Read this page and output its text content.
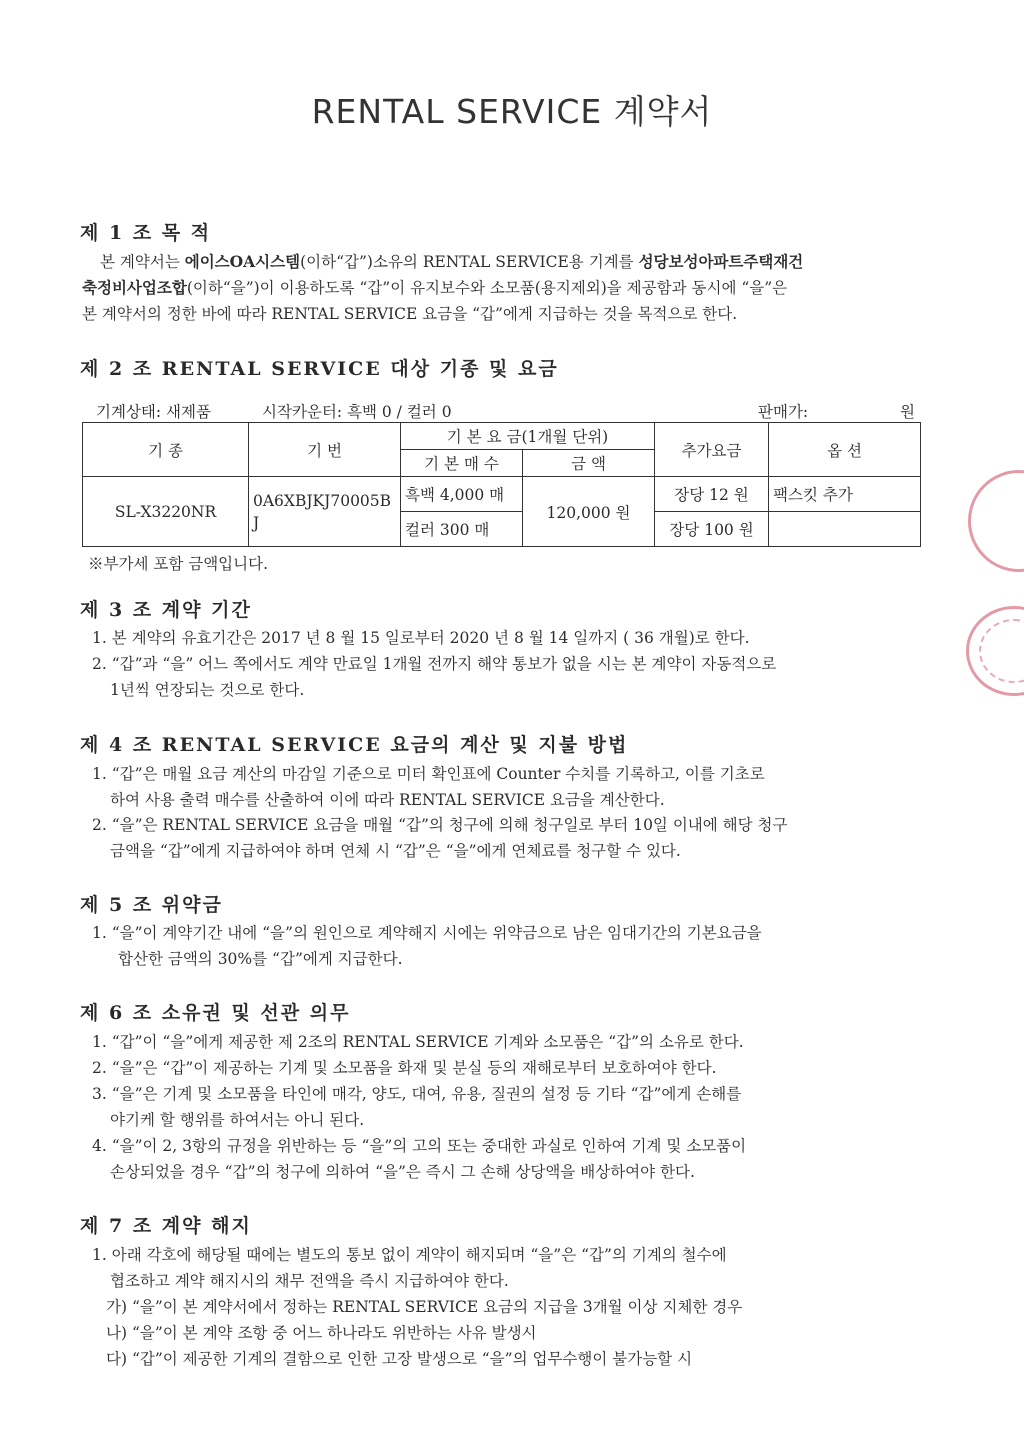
RENTAL SERVICE 계약서
제 1 조 목 적
본 계약서는 에이스OA시스템(이하“갑”)소유의 RENTAL SERVICE용 기계를 성당보성아파트주택재건
축정비사업조합(이하“을”)이 이용하도록 “갑”이 유지보수와 소모품(용지제외)을 제공함과 동시에 “을”은
본 계약서의 정한 바에 따라 RENTAL SERVICE 요금을 “갑”에게 지급하는 것을 목적으로 한다.
제 2 조 RENTAL SERVICE 대상 기종 및 요금
기계상태: 새제품	시작카운터: 흑백 0 / 컬러 0	판매가:	원
기 종	기 번	기 본 요 금(1개월 단위)		추가요금	옵 션
		기 본 매 수	금 액		
SL-X3220NR	0A6XBJKJ70005BJ	흑백 4,000 매	120,000 원	장당 12 원	팩스킷 추가
		컬러 300 매		장당 100 원	
※부가세 포함 금액입니다.
제 3 조 계약 기간
1. 본 계약의 유효기간은 2017 년 8 월 15 일로부터 2020 년 8 월 14 일까지 ( 36 개월)로 한다.
2. “갑”과 “을” 어느 쪽에서도 계약 만료일 1개월 전까지 해약 통보가 없을 시는 본 계약이 자동적으로
1년씩 연장되는 것으로 한다.
제 4 조 RENTAL SERVICE 요금의 계산 및 지불 방법
1. “갑”은 매월 요금 계산의 마감일 기준으로 미터 확인표에 Counter 수치를 기록하고, 이를 기초로
하여 사용 출력 매수를 산출하여 이에 따라 RENTAL SERVICE 요금을 계산한다.
2. “을”은 RENTAL SERVICE 요금을 매월 “갑”의 청구에 의해 청구일로 부터 10일 이내에 해당 청구
금액을 “갑”에게 지급하여야 하며 연체 시 “갑”은 “을”에게 연체료를 청구할 수 있다.
제 5 조 위약금
1. “을”이 계약기간 내에 “을”의 원인으로 계약해지 시에는 위약금으로 남은 임대기간의 기본요금을
합산한 금액의 30%를 “갑”에게 지급한다.
제 6 조 소유권 및 선관 의무
1. “갑”이 “을”에게 제공한 제 2조의 RENTAL SERVICE 기계와 소모품은 “갑”의 소유로 한다.
2. “을”은 “갑”이 제공하는 기계 및 소모품을 화재 및 분실 등의 재해로부터 보호하여야 한다.
3. “을”은 기계 및 소모품을 타인에 매각, 양도, 대여, 유용, 질권의 설정 등 기타 “갑”에게 손해를
야기케 할 행위를 하여서는 아니 된다.
4. “을”이 2, 3항의 규정을 위반하는 등 “을”의 고의 또는 중대한 과실로 인하여 기계 및 소모품이
손상되었을 경우 “갑”의 청구에 의하여 “을”은 즉시 그 손해 상당액을 배상하여야 한다.
제 7 조 계약 해지
1. 아래 각호에 해당될 때에는 별도의 통보 없이 계약이 해지되며 “을”은 “갑”의 기계의 철수에
협조하고 계약 해지시의 채무 전액을 즉시 지급하여야 한다.
가) “을”이 본 계약서에서 정하는 RENTAL SERVICE 요금의 지급을 3개월 이상 지체한 경우
나) “을”이 본 계약 조항 중 어느 하나라도 위반하는 사유 발생시
다) “갑”이 제공한 기계의 결함으로 인한 고장 발생으로 “을”의 업무수행이 불가능할 시
